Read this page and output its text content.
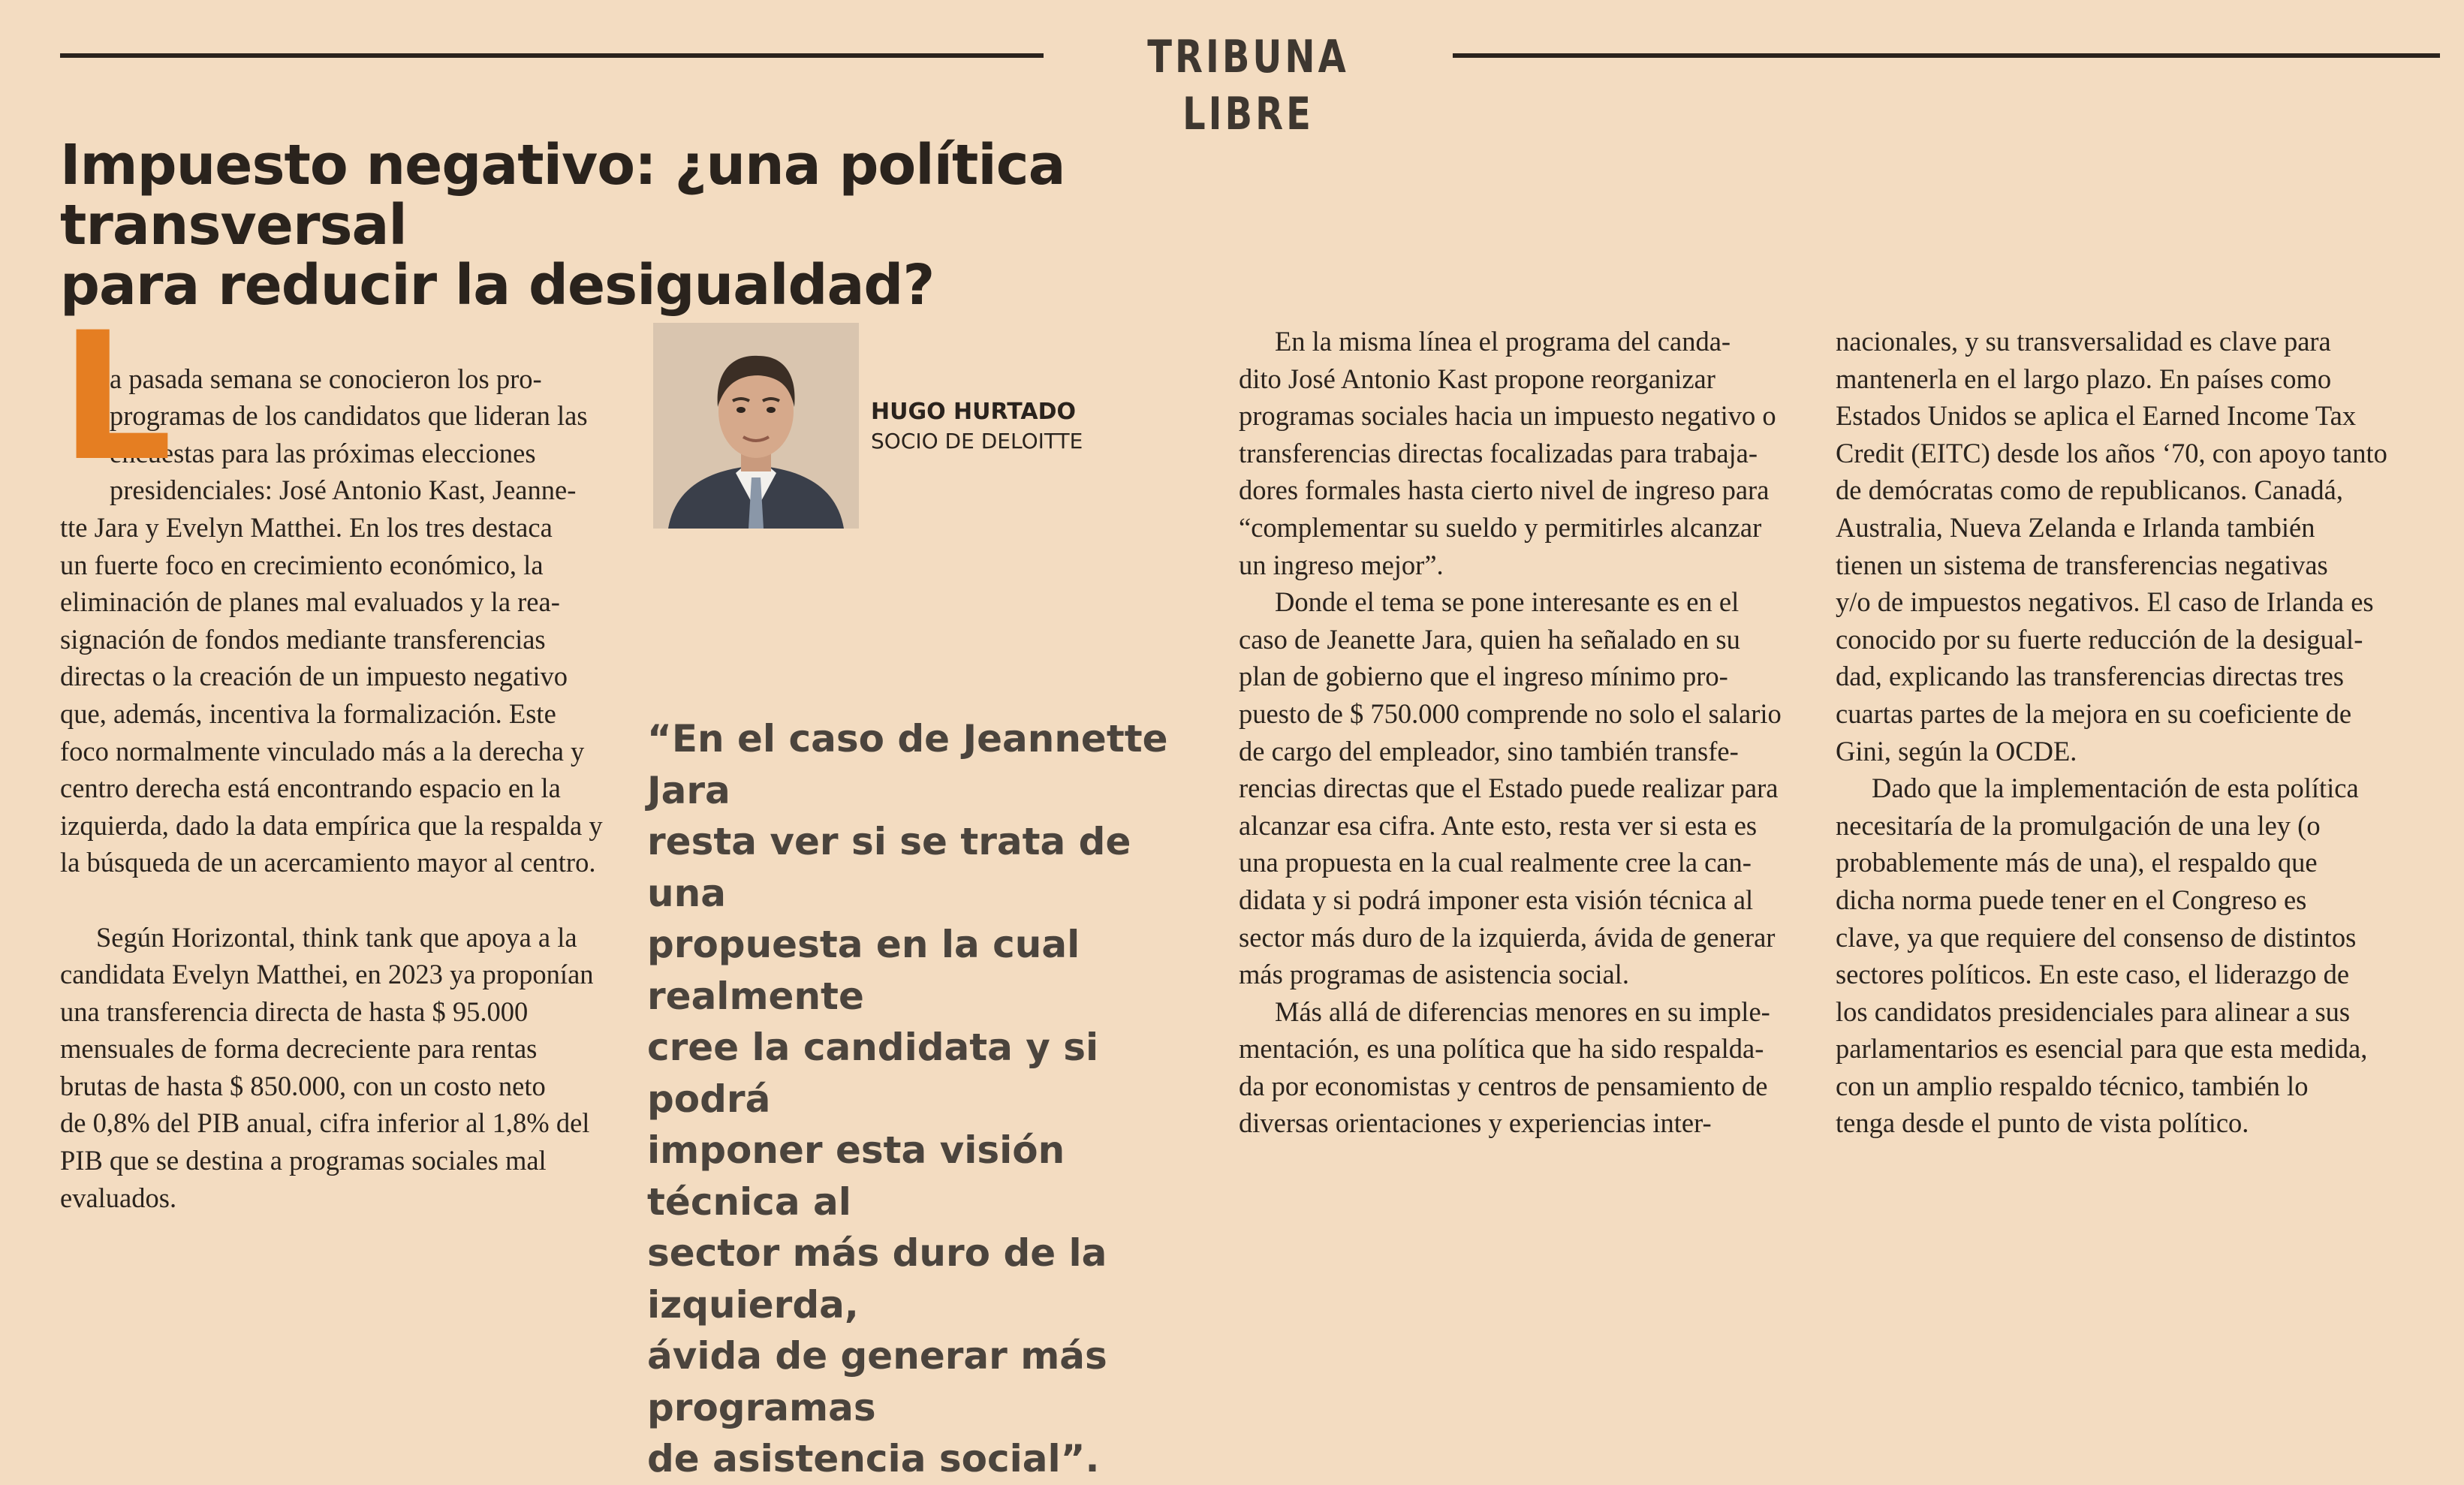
TRIBUNA LIBRE
Impuesto negativo: ¿una política transversal
para reducir la desigualdad?
L

a pasada semana se conocieron los pro-
programas de los candidatos que lideran las
encuestas para las próximas elecciones
presidenciales: José Antonio Kast, Jeanne-
tte Jara y Evelyn Matthei. En los tres destaca
un fuerte foco en crecimiento económico, la
eliminación de planes mal evaluados y la rea-
signación de fondos mediante transferencias
directas o la creación de un impuesto negativo
que, además, incentiva la formalización. Este
foco normalmente vinculado más a la derecha y
centro derecha está encontrando espacio en la
izquierda, dado la data empírica que la respalda y
la búsqueda de un acercamiento mayor al centro.

Según Horizontal, think tank que apoya a la
candidata Evelyn Matthei, en 2023 ya proponían
una transferencia directa de hasta $ 95.000
mensuales de forma decreciente para rentas
brutas de hasta $ 850.000, con un costo neto
de 0,8% del PIB anual, cifra inferior al 1,8% del
PIB que se destina a programas sociales mal
evaluados.

HUGO HURTADO
SOCIO DE DELOITTE
“En el caso de Jeannette Jara
resta ver si se trata de una
propuesta en la cual realmente
cree la candidata y si podrá
imponer esta visión técnica al
sector más duro de la izquierda,
ávida de generar más programas
de asistencia social”.

En la misma línea el programa del canda-
dito José Antonio Kast propone reorganizar
programas sociales hacia un impuesto negativo o
transferencias directas focalizadas para trabaja-
dores formales hasta cierto nivel de ingreso para
“complementar su sueldo y permitirles alcanzar
un ingreso mejor”.

Donde el tema se pone interesante es en el
caso de Jeanette Jara, quien ha señalado en su
plan de gobierno que el ingreso mínimo pro-
puesto de $ 750.000 comprende no solo el salario
de cargo del empleador, sino también transfe-
rencias directas que el Estado puede realizar para
alcanzar esa cifra. Ante esto, resta ver si esta es
una propuesta en la cual realmente cree la can-
didata y si podrá imponer esta visión técnica al
sector más duro de la izquierda, ávida de generar
más programas de asistencia social.

Más allá de diferencias menores en su imple-
mentación, es una política que ha sido respalda-
da por economistas y centros de pensamiento de
diversas orientaciones y experiencias inter-

nacionales, y su transversalidad es clave para
mantenerla en el largo plazo. En países como
Estados Unidos se aplica el Earned Income Tax
Credit (EITC) desde los años ‘70, con apoyo tanto
de demócratas como de republicanos. Canadá,
Australia, Nueva Zelanda e Irlanda también
tienen un sistema de transferencias negativas
y/o de impuestos negativos. El caso de Irlanda es
conocido por su fuerte reducción de la desigual-
dad, explicando las transferencias directas tres
cuartas partes de la mejora en su coeficiente de
Gini, según la OCDE.

Dado que la implementación de esta política
necesitaría de la promulgación de una ley (o
probablemente más de una), el respaldo que
dicha norma puede tener en el Congreso es
clave, ya que requiere del consenso de distintos
sectores políticos. En este caso, el liderazgo de
los candidatos presidenciales para alinear a sus
parlamentarios es esencial para que esta medida,
con un amplio respaldo técnico, también lo
tenga desde el punto de vista político.
